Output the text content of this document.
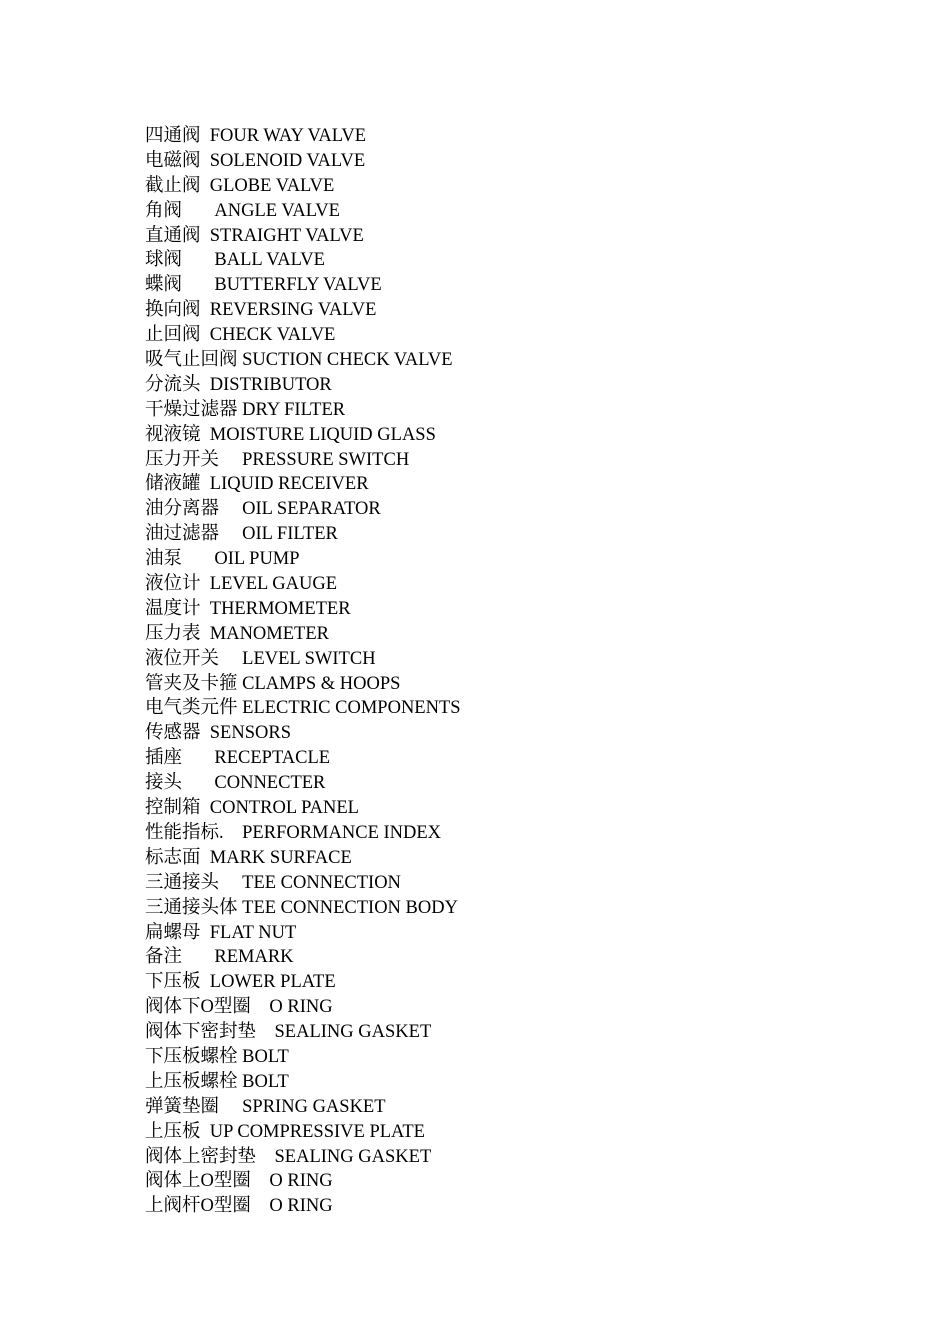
四通阀 FOUR WAY VALVE
电磁阀 SOLENOID VALVE
截止阀 GLOBE VALVE
角阀 ANGLE VALVE
直通阀 STRAIGHT VALVE
球阀 BALL VALVE
蝶阀 BUTTERFLY VALVE
换向阀 REVERSING VALVE
止回阀 CHECK VALVE
吸气止回阀 SUCTION CHECK VALVE
分流头 DISTRIBUTOR
干燥过滤器 DRY FILTER
视液镜 MOISTURE LIQUID GLASS
压力开关 PRESSURE SWITCH
储液罐 LIQUID RECEIVER
油分离器 OIL SEPARATOR
油过滤器 OIL FILTER
油泵 OIL PUMP
液位计 LEVEL GAUGE
温度计 THERMOMETER
压力表 MANOMETER
液位开关 LEVEL SWITCH
管夹及卡箍 CLAMPS & HOOPS
电气类元件 ELECTRIC COMPONENTS
传感器 SENSORS
插座 RECEPTACLE
接头 CONNECTER
控制箱 CONTROL PANEL
性能指标. PERFORMANCE INDEX
标志面 MARK SURFACE
三通接头 TEE CONNECTION
三通接头体 TEE CONNECTION BODY
扁螺母 FLAT NUT
备注 REMARK
下压板 LOWER PLATE
阀体下O型圈 O RING
阀体下密封垫 SEALING GASKET
下压板螺栓 BOLT
上压板螺栓 BOLT
弹簧垫圈 SPRING GASKET
上压板 UP COMPRESSIVE PLATE
阀体上密封垫 SEALING GASKET
阀体上O型圈 O RING
上阀杆O型圈 O RING
